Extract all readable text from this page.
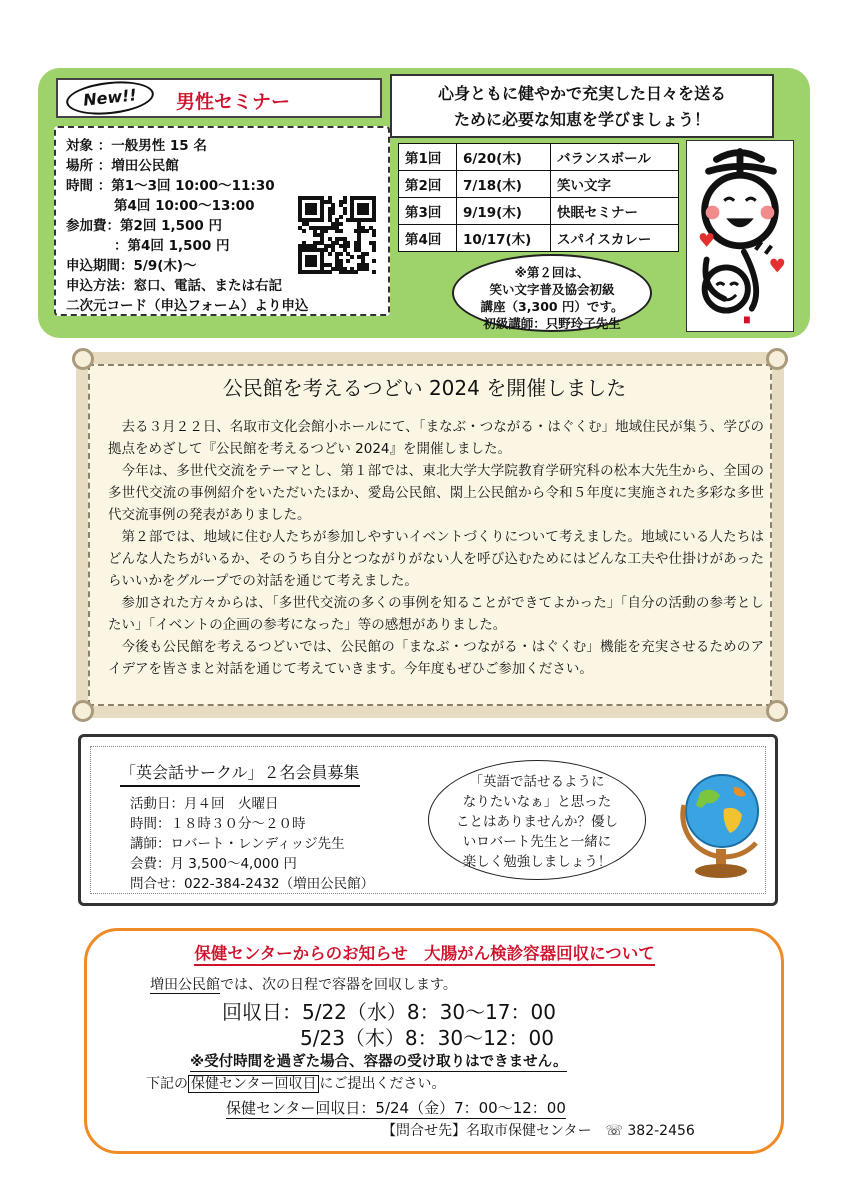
New!!	男性セミナー
対象 ：一般男性 15 名
場所 ：増田公民館
時間 ：第1～3回 10:00～11:30
第4回 10:00～13:00
参加費：第2回 1,500 円
：第4回 1,500 円
申込期間：5/9(木)～
申込方法：窓口、電話、または右記
二次元コード（申込フォーム）より申込
心身ともに健やかで充実した日々を送る
ために必要な知恵を学びましょう！
第1回	6/20(木)	バランスボール
第2回	7/18(木)	笑い文字
第3回	9/19(木)	快眠セミナー
第4回	10/17(木)	スパイスカレー
※第２回は、
笑い文字普及協会初級
講座（3,300 円）です。
初級講師：只野玲子先生
公民館を考えるつどい 2024 を開催しました

去る３月２２日、名取市文化会館小ホールにて、「まなぶ・つながる・はぐくむ」地域住民が集う、学びの拠点をめざして『公民館を考えるつどい 2024』を開催しました。

今年は、多世代交流をテーマとし、第１部では、東北大学大学院教育学研究科の松本大先生から、全国の多世代交流の事例紹介をいただいたほか、愛島公民館、閖上公民館から令和５年度に実施された多彩な多世代交流事例の発表がありました。

第２部では、地域に住む人たちが参加しやすいイベントづくりについて考えました。地域にいる人たちはどんな人たちがいるか、そのうち自分とつながりがない人を呼び込むためにはどんな工夫や仕掛けがあったらいいかをグループでの対話を通じて考えました。

参加された方々からは、「多世代交流の多くの事例を知ることができてよかった」「自分の活動の参考としたい」「イベントの企画の参考になった」等の感想がありました。

今後も公民館を考えるつどいでは、公民館の「まなぶ・つながる・はぐくむ」機能を充実させるためのアイデアを皆さまと対話を通じて考えていきます。今年度もぜひご参加ください。

「英会話サークル」２名会員募集
活動日：月４回　火曜日
時間：１８時３０分～２０時
講師：ロバート・レンディッジ先生
会費：月 3,500～4,000 円
問合せ：022-384-2432（増田公民館）
「英語で話せるように
なりたいなぁ」と思った
ことはありませんか？優し
いロバート先生と一緒に
楽しく勉強しましょう！
保健センターからのお知らせ　大腸がん検診容器回収について
増田公民館では、次の日程で容器を回収します。
回収日：5/22（水）8：30～17：00
5/23（木）8：30～12：00
※受付時間を過ぎた場合、容器の受け取りはできません。
下記の 保健センター回収日 にご提出ください。
保健センター回収日：5/24（金）7：00～12：00
【問合せ先】名取市保健センター　☏ 382-2456
